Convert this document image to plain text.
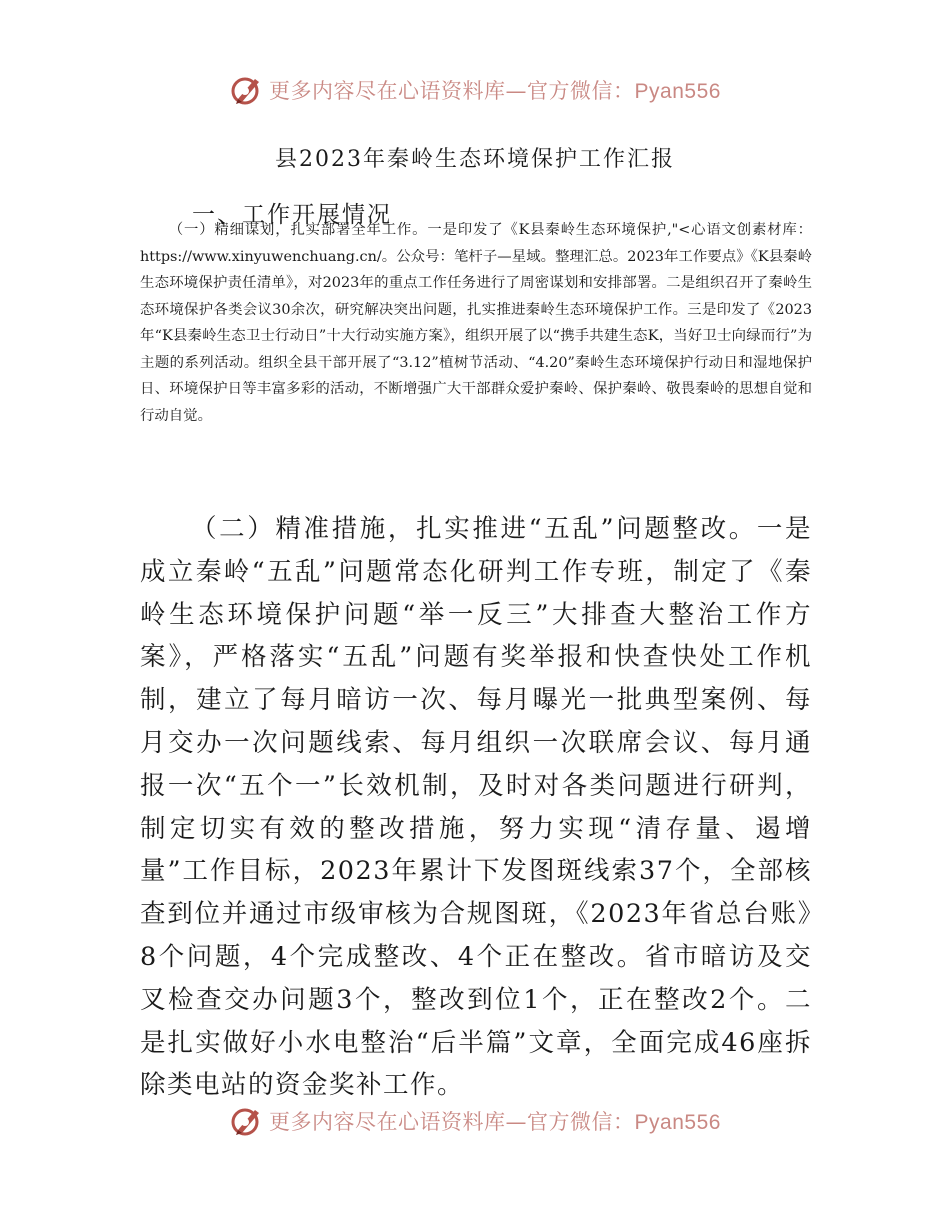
更多内容尽在心语资料库—官方微信：Pyan556
县2023年秦岭生态环境保护工作汇报
一、工作开展情况

（一）精细谋划，扎实部署全年工作。一是印发了《K县秦岭生态环境保护,"<心语文创素材库：https://www.xinyuwenchuang.cn/。公众号：笔杆子—星域。整理汇总。2023年工作要点》《K县秦岭生态环境保护责任清单》，对2023年的重点工作任务进行了周密谋划和安排部署。二是组织召开了秦岭生态环境保护各类会议30余次，研究解决突出问题，扎实推进秦岭生态环境保护工作。三是印发了《2023年“K县秦岭生态卫士行动日”十大行动实施方案》，组织开展了以“携手共建生态K，当好卫士向绿而行”为主题的系列活动。组织全县干部开展了“3.12”植树节活动、“4.20”秦岭生态环境保护行动日和湿地保护日、环境保护日等丰富多彩的活动，不断增强广大干部群众爱护秦岭、保护秦岭、敬畏秦岭的思想自觉和行动自觉。

（二）精准措施，扎实推进“五乱”问题整改。一是成立秦岭“五乱”问题常态化研判工作专班，制定了《秦岭生态环境保护问题“举一反三”大排查大整治工作方案》，严格落实“五乱”问题有奖举报和快查快处工作机制，建立了每月暗访一次、每月曝光一批典型案例、每月交办一次问题线索、每月组织一次联席会议、每月通报一次“五个一”长效机制，及时对各类问题进行研判，制定切实有效的整改措施，努力实现“清存量、遏增量”工作目标，2023年累计下发图斑线索37个，全部核查到位并通过市级审核为合规图斑，《2023年省总台账》8个问题，4个完成整改、4个正在整改。省市暗访及交叉检查交办问题3个，整改到位1个，正在整改2个。二是扎实做好小水电整治“后半篇”文章，全面完成46座拆除类电站的资金奖补工作。

更多内容尽在心语资料库—官方微信：Pyan556
